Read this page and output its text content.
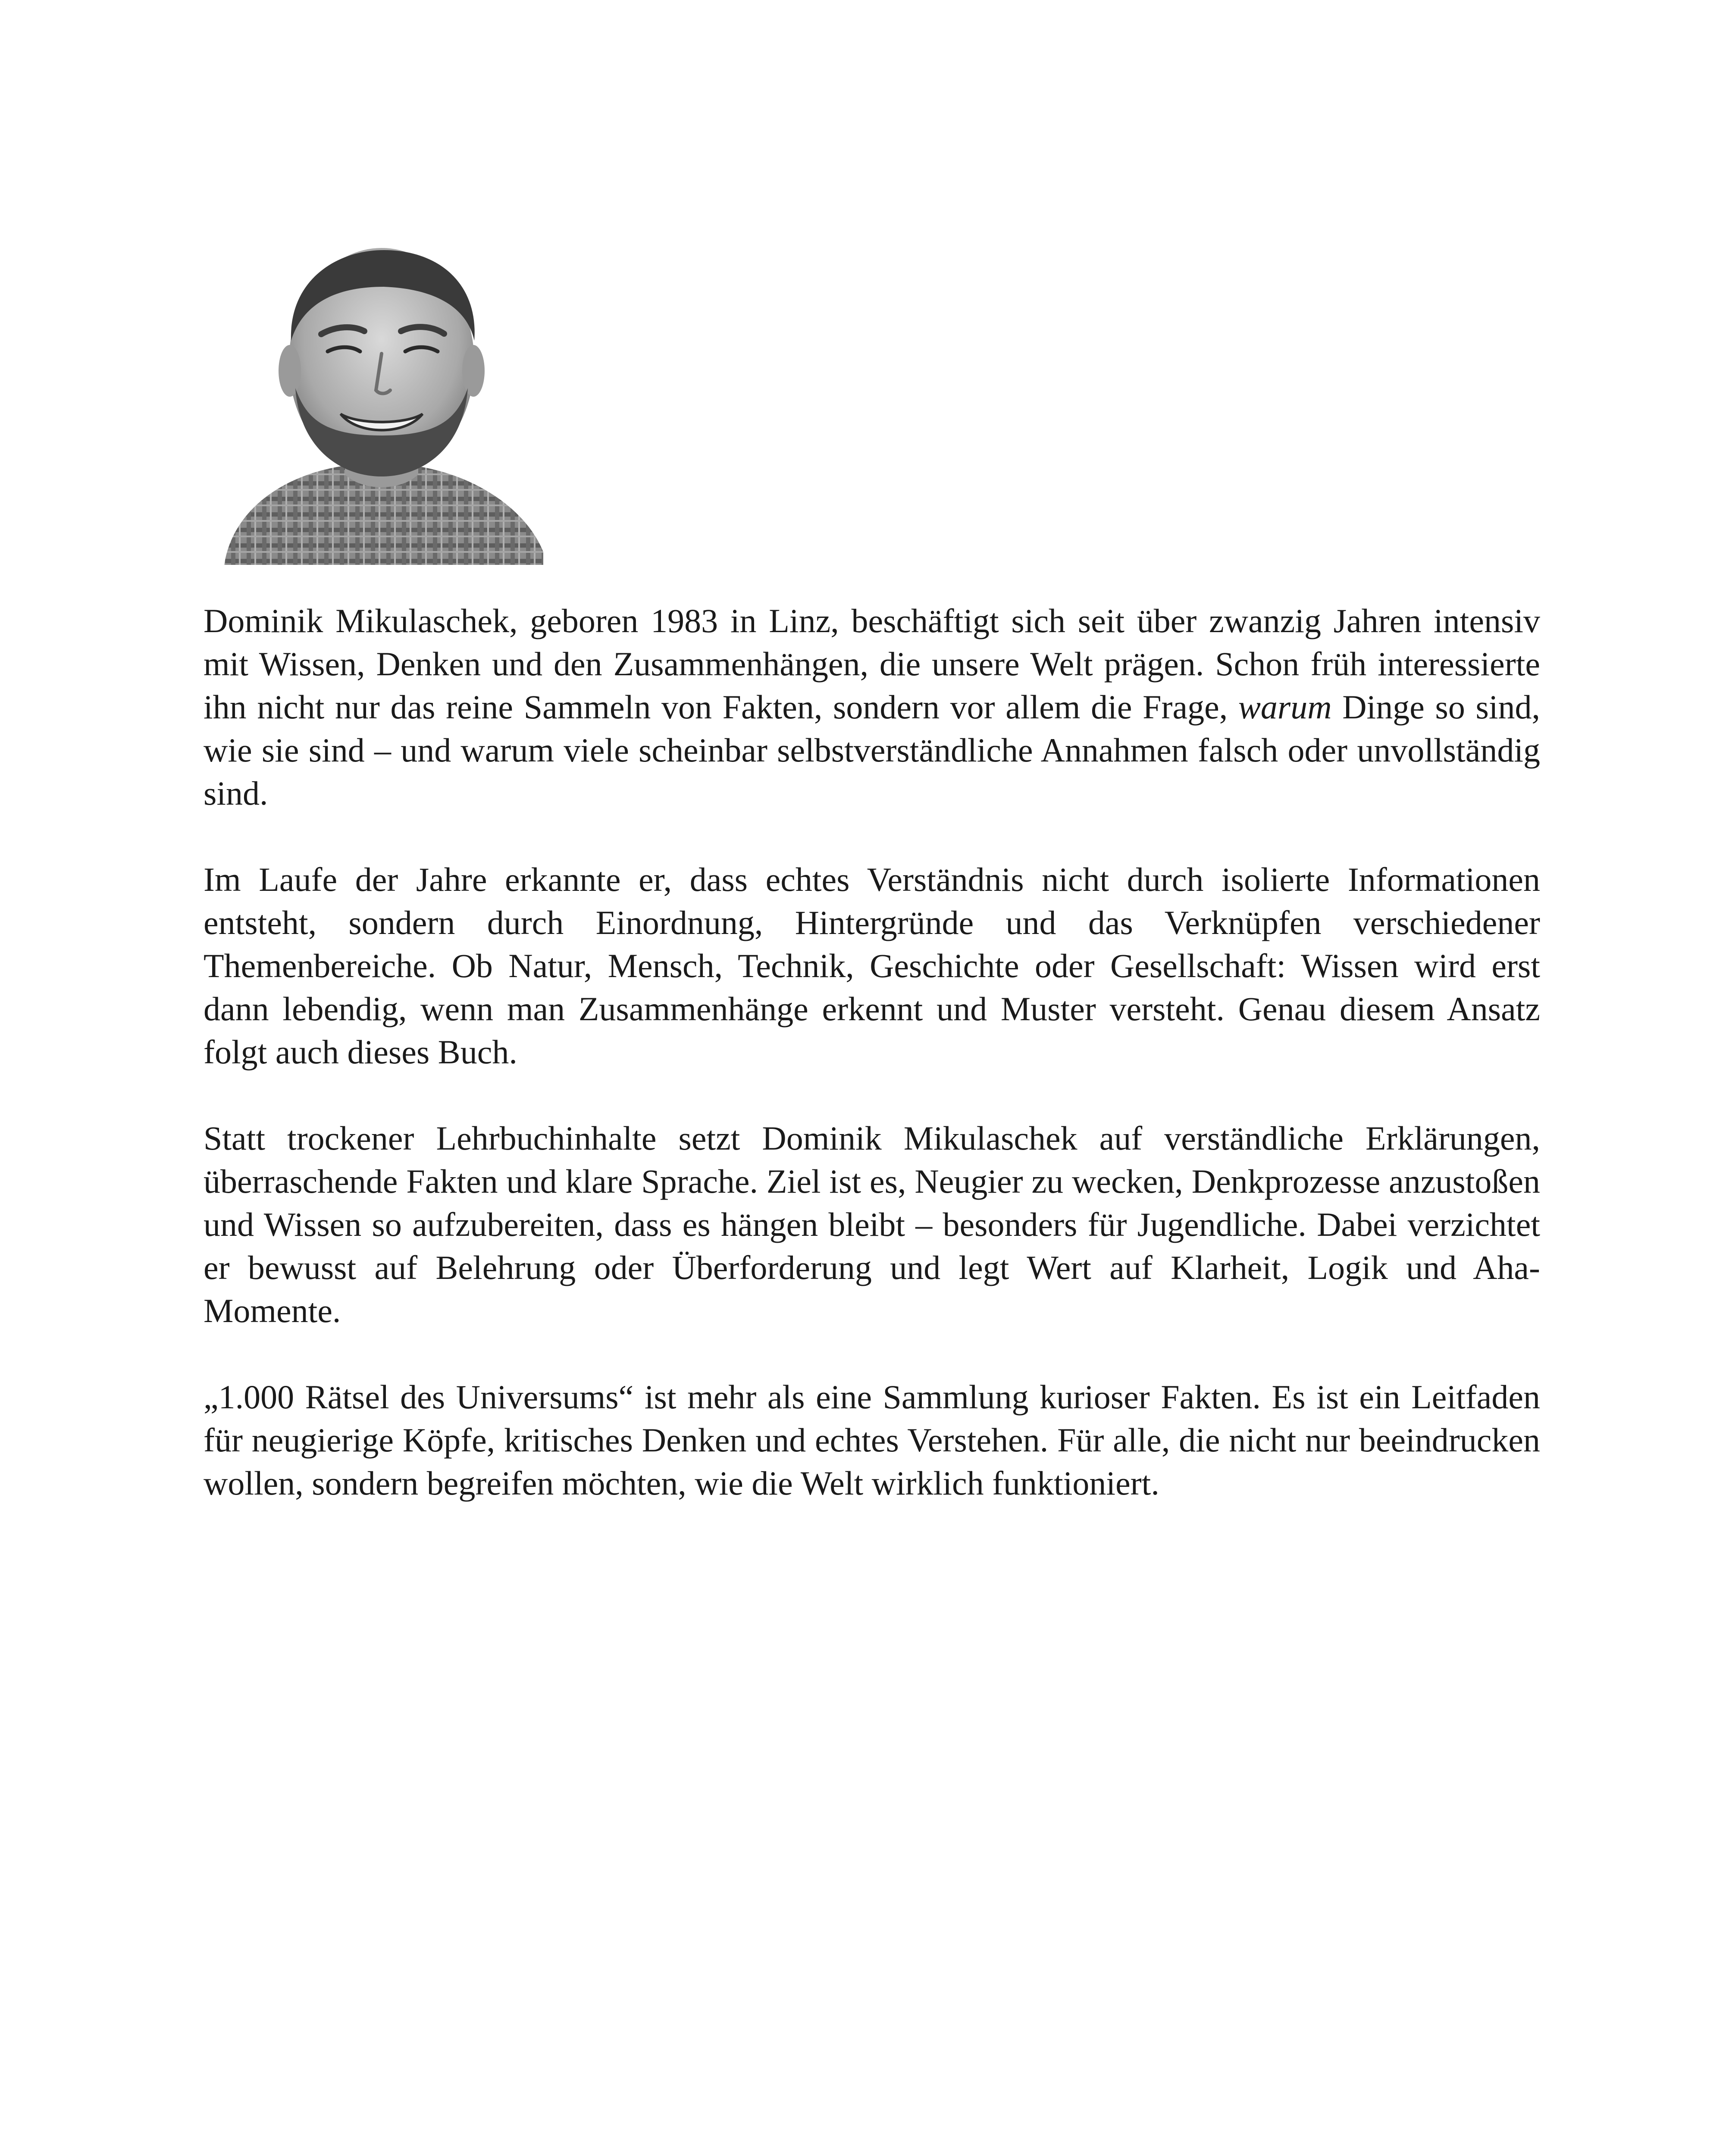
Dominik Mikulaschek, geboren 1983 in Linz, beschäftigt sich seit über zwanzig Jahren intensiv mit Wissen, Denken und den Zusammenhängen, die unsere Welt prägen. Schon früh interessierte ihn nicht nur das reine Sammeln von Fakten, sondern vor allem die Frage, warum Dinge so sind, wie sie sind – und warum viele scheinbar selbstverständliche Annahmen falsch oder unvollständig sind.

Im Laufe der Jahre erkannte er, dass echtes Verständnis nicht durch isolierte Informationen entsteht, sondern durch Einordnung, Hintergründe und das Verknüpfen verschiedener Themenbereiche. Ob Natur, Mensch, Technik, Geschichte oder Gesellschaft: Wissen wird erst dann lebendig, wenn man Zusammenhänge erkennt und Muster versteht. Genau diesem Ansatz folgt auch dieses Buch.

Statt trockener Lehrbuchinhalte setzt Dominik Mikulaschek auf verständliche Erklärungen, überraschende Fakten und klare Sprache. Ziel ist es, Neugier zu wecken, Denkprozesse anzustoßen und Wissen so aufzubereiten, dass es hängen bleibt – besonders für Jugendliche. Dabei verzichtet er bewusst auf Belehrung oder Überforderung und legt Wert auf Klarheit, Logik und Aha-Momente.

„1.000 Rätsel des Universums“ ist mehr als eine Sammlung kurioser Fakten. Es ist ein Leitfaden für neugierige Köpfe, kritisches Denken und echtes Verstehen. Für alle, die nicht nur beeindrucken wollen, sondern begreifen möchten, wie die Welt wirklich funktioniert.
